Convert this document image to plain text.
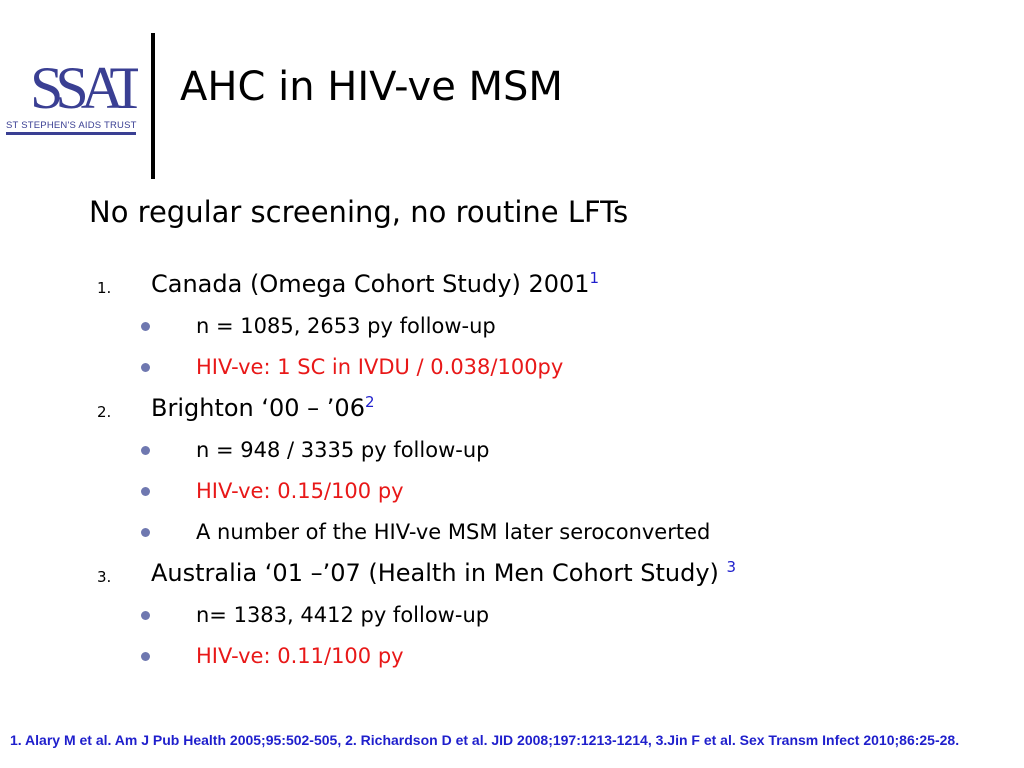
SSAT
ST STEPHEN'S AIDS TRUST
AHC in HIV-ve MSM
No regular screening, no routine LFTs
1. Canada (Omega Cohort Study) 2001$^1$
n = 1085, 2653 py follow-up
HIV-ve: 1 SC in IVDU / 0.038/100py
2. Brighton ‘$00 - ’06^2$
n = 948 / 3335 py follow-up
HIV-ve: 0.15/100 py
A number of the HIV-ve MSM later seroconverted
3. Australia ‘01 –’07 (Health in Men Cohort Study) $^3$
n= 1383, 4412 py follow-up
HIV-ve: 0.11/100 py
1. Alary M et al. Am J Pub Health 2005;95:502-505, 2. Richardson D et al. JID 2008;197:1213-1214, 3.Jin F et al. Sex Transm Infect 2010;86:25-28.
